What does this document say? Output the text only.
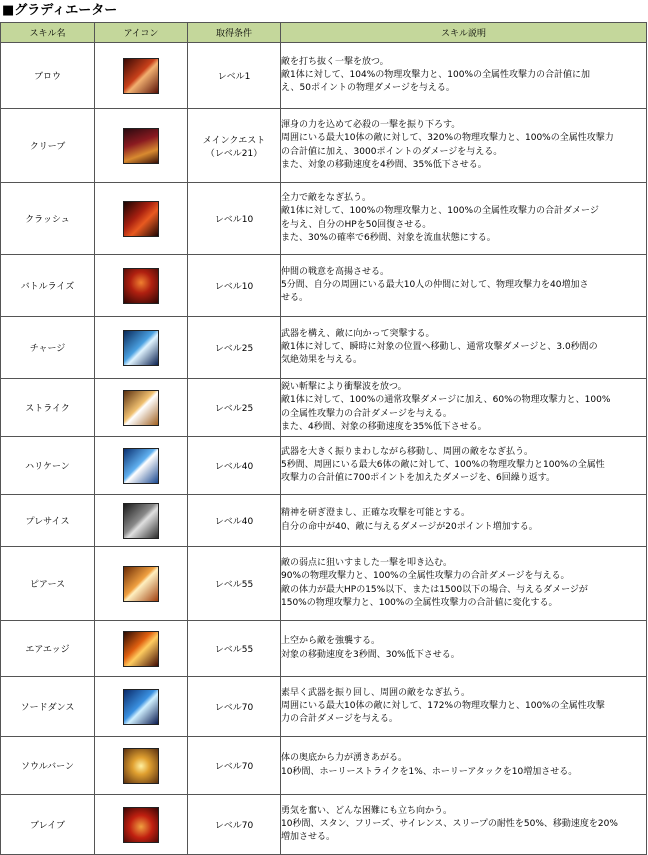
■グラディエーター
スキル名	アイコン	取得条件	スキル説明
ブロウ		レベル1	敵を打ち抜く一撃を放つ。
敵1体に対して、104%の物理攻撃力と、100%の全属性攻撃力の合計値に加
え、50ポイントの物理ダメージを与える。

クリーブ		メインクエスト
（レベル21）	渾身の力を込めて必殺の一撃を振り下ろす。
周囲にいる最大10体の敵に対して、320%の物理攻撃力と、100%の全属性攻撃力
の合計値に加え、3000ポイントのダメージを与える。
また、対象の移動速度を4秒間、35%低下させる。

クラッシュ		レベル10	全力で敵をなぎ払う。
敵1体に対して、100%の物理攻撃力と、100%の全属性攻撃力の合計ダメージ
を与え、自分のHPを50回復させる。
また、30%の確率で6秒間、対象を流血状態にする。

バトルライズ		レベル10	仲間の戦意を高揚させる。
5分間、自分の周囲にいる最大10人の仲間に対して、物理攻撃力を40増加さ
せる。

チャージ		レベル25	武器を構え、敵に向かって突撃する。
敵1体に対して、瞬時に対象の位置へ移動し、通常攻撃ダメージと、3.0秒間の
気絶効果を与える。

ストライク		レベル25	鋭い斬撃により衝撃波を放つ。
敵1体に対して、100%の通常攻撃ダメージに加え、60%の物理攻撃力と、100%
の全属性攻撃力の合計ダメージを与える。
また、4秒間、対象の移動速度を35%低下させる。

ハリケーン		レベル40	武器を大きく振りまわしながら移動し、周囲の敵をなぎ払う。
5秒間、周囲にいる最大6体の敵に対して、100%の物理攻撃力と100%の全属性
攻撃力の合計値に700ポイントを加えたダメージを、6回繰り返す。

プレサイス		レベル40	精神を研ぎ澄まし、正確な攻撃を可能とする。
自分の命中が40、敵に与えるダメージが20ポイント増加する。

ピアース		レベル55	敵の弱点に狙いすました一撃を叩き込む。
90%の物理攻撃力と、100%の全属性攻撃力の合計ダメージを与える。
敵の体力が最大HPの15%以下、または1500以下の場合、与えるダメージが
150%の物理攻撃力と、100%の全属性攻撃力の合計値に変化する。

エアエッジ		レベル55	上空から敵を強襲する。
対象の移動速度を3秒間、30%低下させる。

ソードダンス		レベル70	素早く武器を振り回し、周囲の敵をなぎ払う。
周囲にいる最大10体の敵に対して、172%の物理攻撃力と、100%の全属性攻撃
力の合計ダメージを与える。

ソウルバーン		レベル70	体の奥底から力が湧きあがる。
10秒間、ホーリーストライクを1%、ホーリーアタックを10増加させる。

ブレイブ		レベル70	勇気を奮い、どんな困難にも立ち向かう。
10秒間、スタン、フリーズ、サイレンス、スリープの耐性を50%、移動速度を20%
増加させる。
